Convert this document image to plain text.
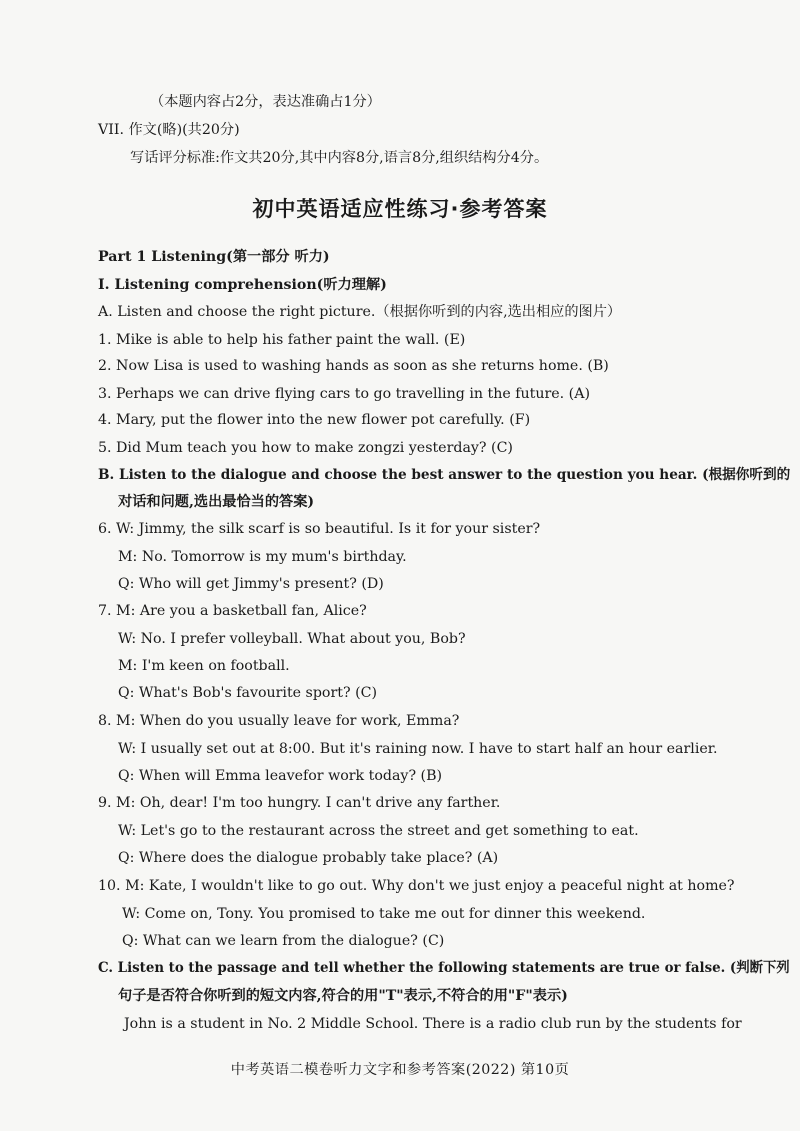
（本题内容占2分，表达准确占1分）
VII. 作文(略)(共20分)
写话评分标准:作文共20分,其中内容8分,语言8分,组织结构分4分。
初中英语适应性练习·参考答案
Part 1 Listening(第一部分 听力)
I. Listening comprehension(听力理解)
A. Listen and choose the right picture.（根据你听到的内容,选出相应的图片）
1. Mike is able to help his father paint the wall. (E)
2. Now Lisa is used to washing hands as soon as she returns home. (B)
3. Perhaps we can drive flying cars to go travelling in the future. (A)
4. Mary, put the flower into the new flower pot carefully. (F)
5. Did Mum teach you how to make zongzi yesterday? (C)
B. Listen to the dialogue and choose the best answer to the question you hear. (根据你听到的
对话和问题,选出最恰当的答案)
6. W: Jimmy, the silk scarf is so beautiful. Is it for your sister?
M: No. Tomorrow is my mum's birthday.
Q: Who will get Jimmy's present? (D)
7. M: Are you a basketball fan, Alice?
W: No. I prefer volleyball. What about you, Bob?
M: I'm keen on football.
Q: What's Bob's favourite sport? (C)
8. M: When do you usually leave for work, Emma?
W: I usually set out at 8:00. But it's raining now. I have to start half an hour earlier.
Q: When will Emma leavefor work today? (B)
9. M: Oh, dear! I'm too hungry. I can't drive any farther.
W: Let's go to the restaurant across the street and get something to eat.
Q: Where does the dialogue probably take place? (A)
10. M: Kate, I wouldn't like to go out. Why don't we just enjoy a peaceful night at home?
W: Come on, Tony. You promised to take me out for dinner this weekend.
Q: What can we learn from the dialogue? (C)
C. Listen to the passage and tell whether the following statements are true or false. (判断下列
句子是否符合你听到的短文内容,符合的用"T"表示,不符合的用"F"表示)
John is a student in No. 2 Middle School. There is a radio club run by the students for
中考英语二模卷听力文字和参考答案(2022) 第10页
